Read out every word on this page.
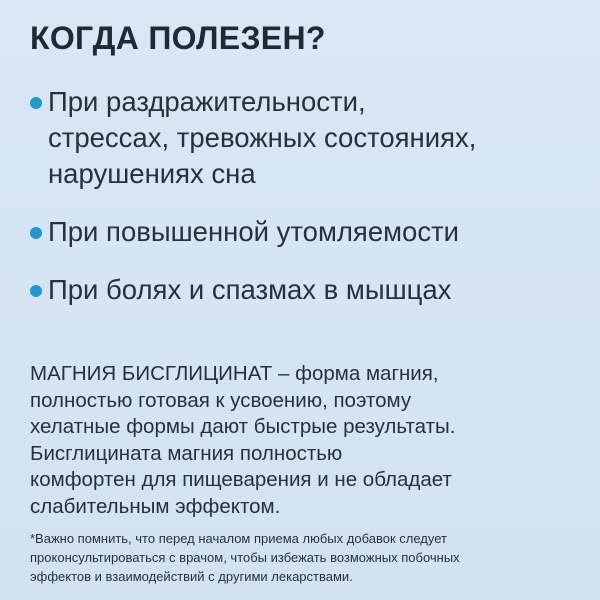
КОГДА ПОЛЕЗЕН?
При раздражительности,
стрессах, тревожных состояниях,
нарушениях сна
При повышенной утомляемости
При болях и спазмах в мышцах
МАГНИЯ БИСГЛИЦИНАТ – форма магния,
полностью готовая к усвоению, поэтому
хелатные формы дают быстрые результаты.
Бисглицината магния полностью
комфортен для пищеварения и не обладает
слабительным эффектом.
*Важно помнить, что перед началом приема любых добавок следует
проконсультироваться с врачом, чтобы избежать возможных побочных
эффектов и взаимодействий с другими лекарствами.
